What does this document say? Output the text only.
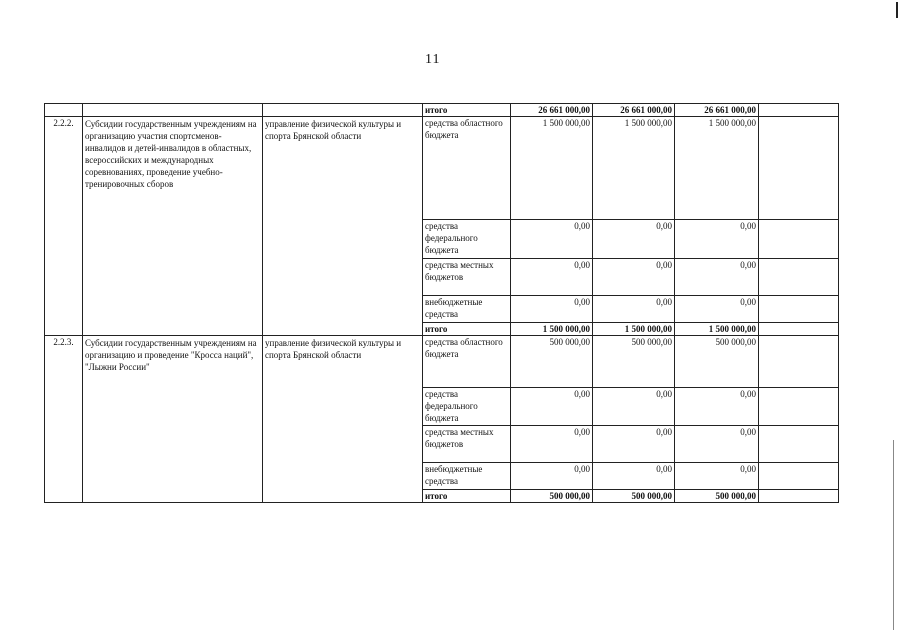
11
			итого	26 661 000,00	26 661 000,00	26 661 000,00	
2.2.2.	Субсидии государственным учреждениям на организацию участия спортсменов-инвалидов и детей-инвалидов в областных, всероссийских и международных соревнованиях, проведение учебно-тренировочных сборов	управление физической культуры и спорта Брянской области	средства областного бюджета	1 500 000,00	1 500 000,00	1 500 000,00	
			средства федерального бюджета	0,00	0,00	0,00	
			средства местных бюджетов	0,00	0,00	0,00	
			внебюджетные средства	0,00	0,00	0,00	
			итого	1 500 000,00	1 500 000,00	1 500 000,00	
2.2.3.	Субсидии государственным учреждениям на организацию и проведение "Кросса наций", "Лыжни России"	управление физической культуры и спорта Брянской области	средства областного бюджета	500 000,00	500 000,00	500 000,00	
			средства федерального бюджета	0,00	0,00	0,00	
			средства местных бюджетов	0,00	0,00	0,00	
			внебюджетные средства	0,00	0,00	0,00	
			итого	500 000,00	500 000,00	500 000,00	
